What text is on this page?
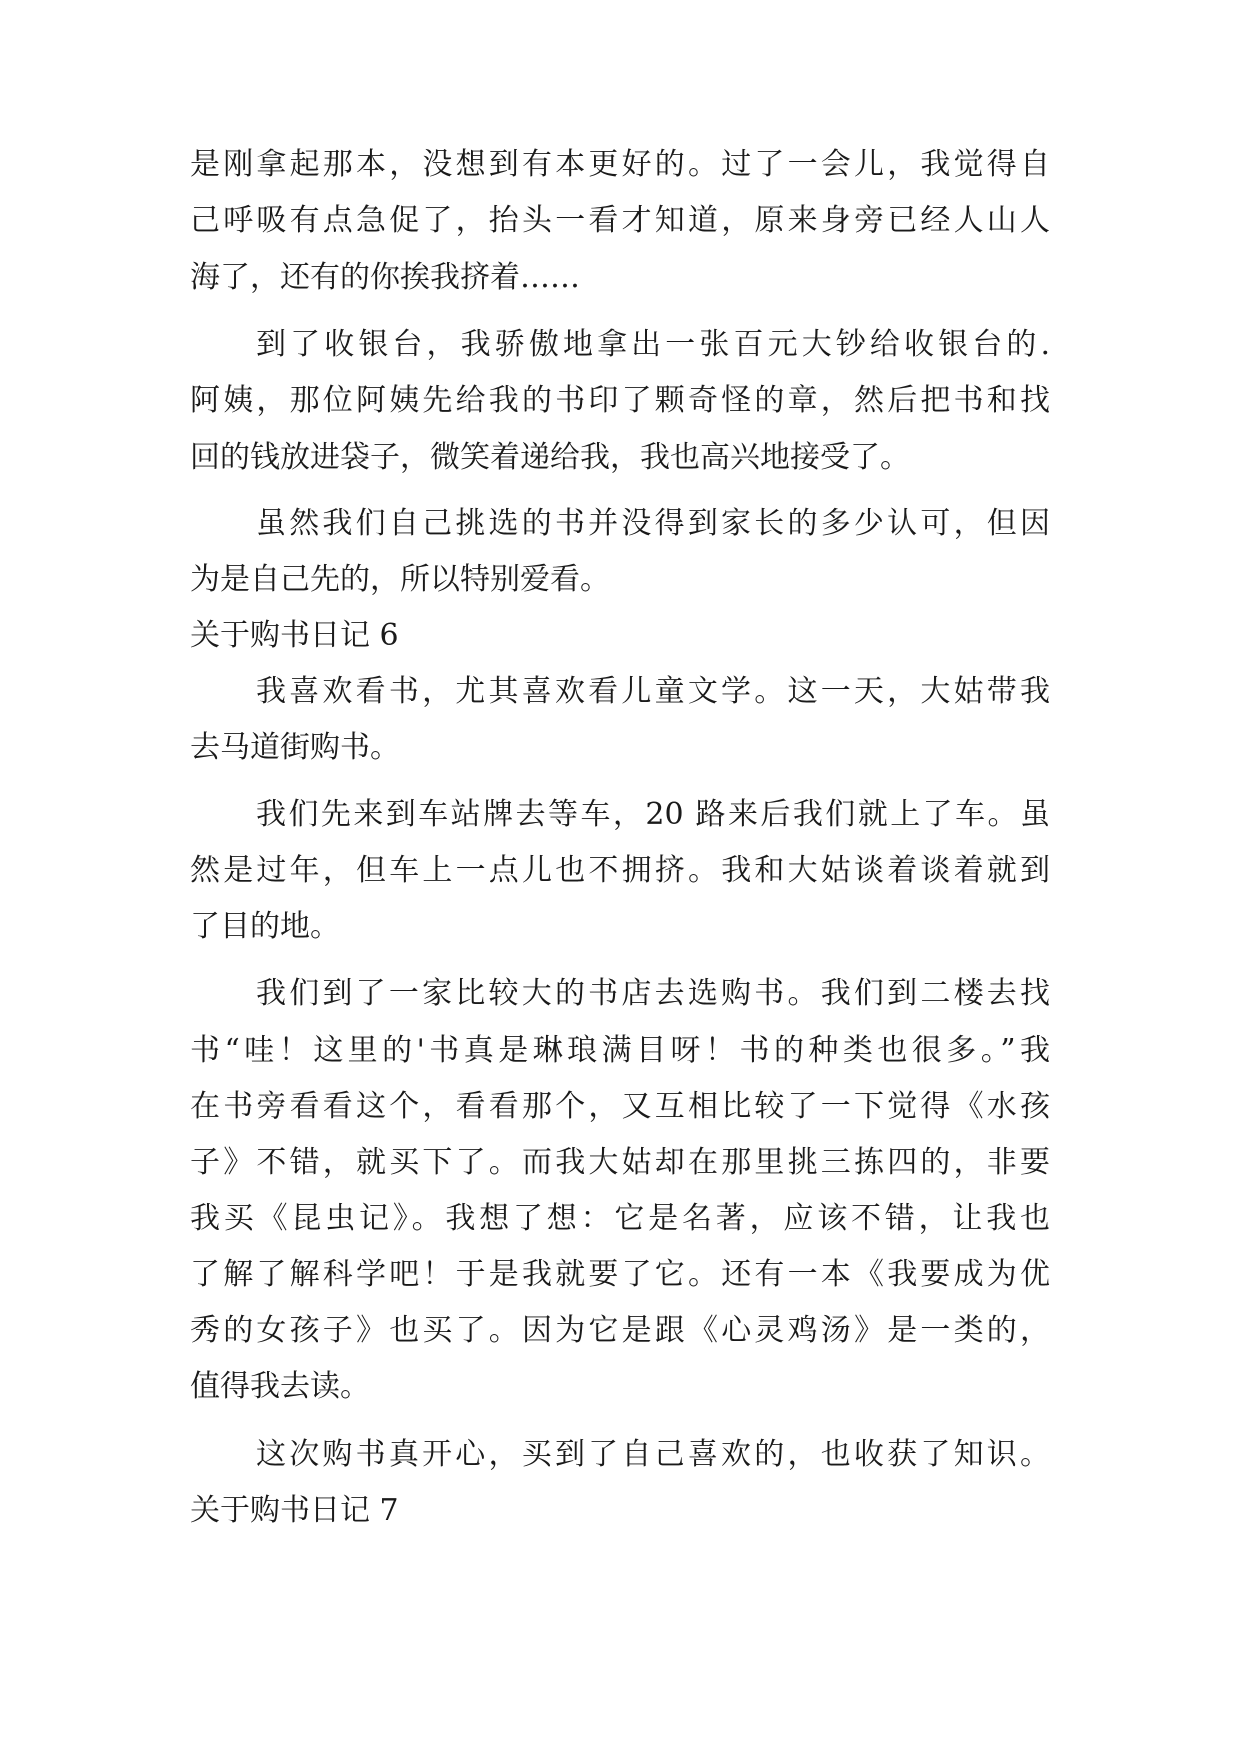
是刚拿起那本，没想到有本更好的。过了一会儿，我觉得自
己呼吸有点急促了，抬头一看才知道，原来身旁已经人山人
海了，还有的你挨我挤着……
到了收银台，我骄傲地拿出一张百元大钞给收银台的.
阿姨，那位阿姨先给我的书印了颗奇怪的章，然后把书和找
回的钱放进袋子，微笑着递给我，我也高兴地接受了。
虽然我们自己挑选的书并没得到家长的多少认可，但因
为是自己先的，所以特别爱看。
关于购书日记 6
我喜欢看书，尤其喜欢看儿童文学。这一天，大姑带我
去马道街购书。
我们先来到车站牌去等车，20 路来后我们就上了车。虽
然是过年，但车上一点儿也不拥挤。我和大姑谈着谈着就到
了目的地。
我们到了一家比较大的书店去选购书。我们到二楼去找
书“哇！这里的'书真是琳琅满目呀！书的种类也很多。”我
在书旁看看这个，看看那个，又互相比较了一下觉得《水孩
子》不错，就买下了。而我大姑却在那里挑三拣四的，非要
我买《昆虫记》。我想了想：它是名著，应该不错，让我也
了解了解科学吧！于是我就要了它。还有一本《我要成为优
秀的女孩子》也买了。因为它是跟《心灵鸡汤》是一类的，
值得我去读。
这次购书真开心，买到了自己喜欢的，也收获了知识。
关于购书日记 7
